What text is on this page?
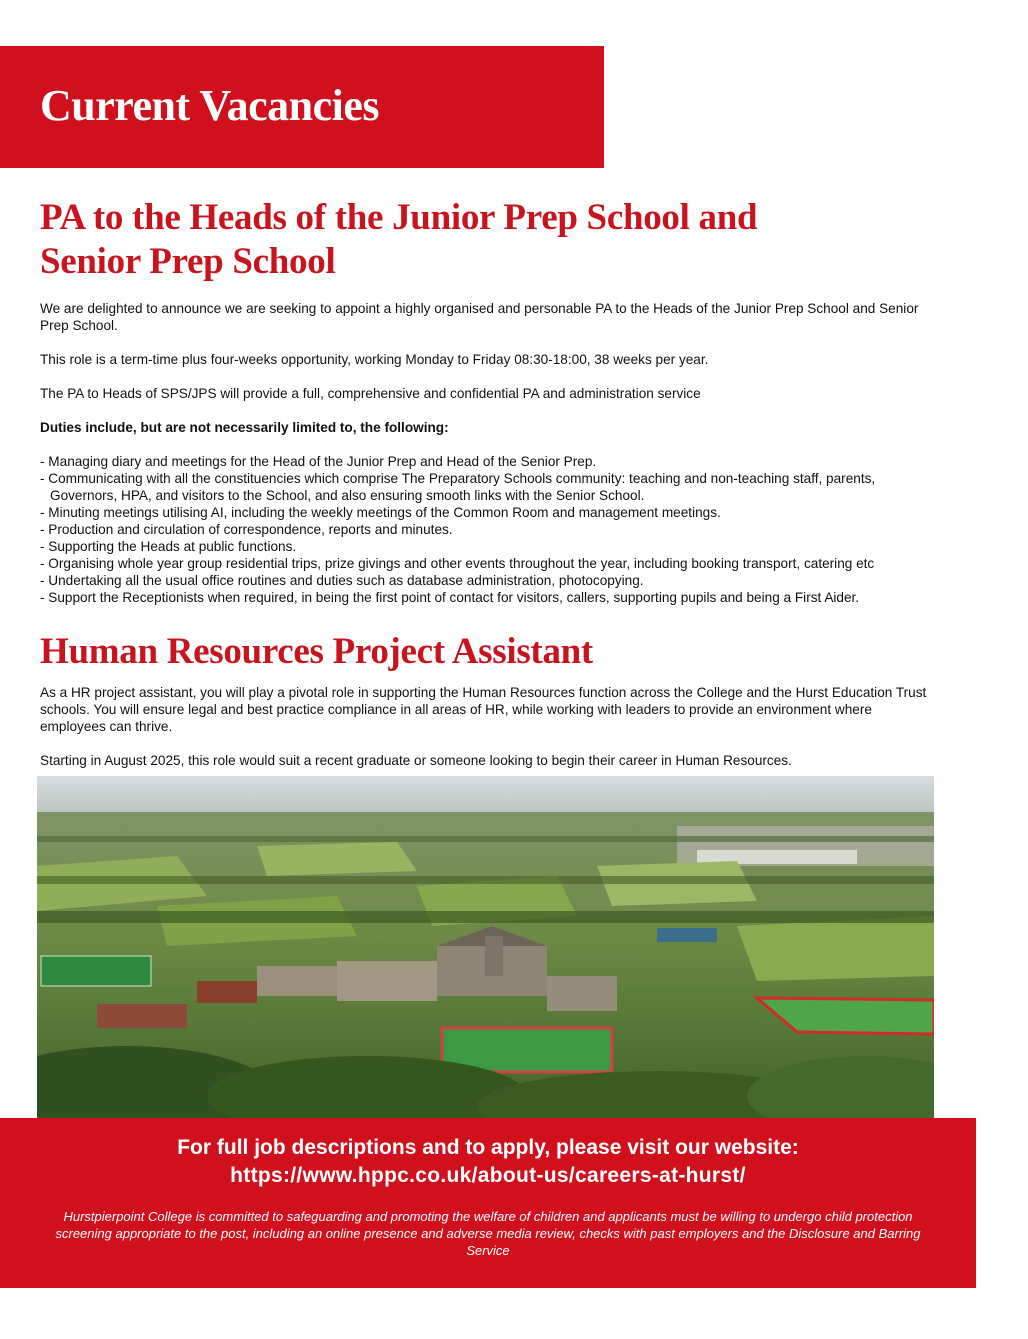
Current Vacancies
PA to the Heads of the Junior Prep School and Senior Prep School

We are delighted to announce we are seeking to appoint a highly organised and personable PA to the Heads of the Junior Prep School and Senior Prep School.

This role is a term-time plus four-weeks opportunity, working Monday to Friday 08:30-18:00, 38 weeks per year.

The PA to Heads of SPS/JPS will provide a full, comprehensive and confidential PA and administration service

Duties include, but are not necessarily limited to, the following:

- Managing diary and meetings for the Head of the Junior Prep and Head of the Senior Prep.
- Communicating with all the constituencies which comprise The Preparatory Schools community: teaching and non-teaching staff, parents, Governors, HPA, and visitors to the School, and also ensuring smooth links with the Senior School.
- Minuting meetings utilising AI, including the weekly meetings of the Common Room and management meetings.
- Production and circulation of correspondence, reports and minutes.
- Supporting the Heads at public functions.
- Organising whole year group residential trips, prize givings and other events throughout the year, including booking transport, catering etc
- Undertaking all the usual office routines and duties such as database administration, photocopying.
- Support the Receptionists when required, in being the first point of contact for visitors, callers, supporting pupils and being a First Aider.
Human Resources Project Assistant

As a HR project assistant, you will play a pivotal role in supporting the Human Resources function across the College and the Hurst Education Trust schools. You will ensure legal and best practice compliance in all areas of HR, while working with leaders to provide an environment where employees can thrive.

Starting in August 2025, this role would suit a recent graduate or someone looking to begin their career in Human Resources.

For full job descriptions and to apply, please visit our website:

https://www.hppc.co.uk/about-us/careers-at-hurst/

Hurstpierpoint College is committed to safeguarding and promoting the welfare of children and applicants must be willing to undergo child protection screening appropriate to the post, including an online presence and adverse media review, checks with past employers and the Disclosure and Barring Service
